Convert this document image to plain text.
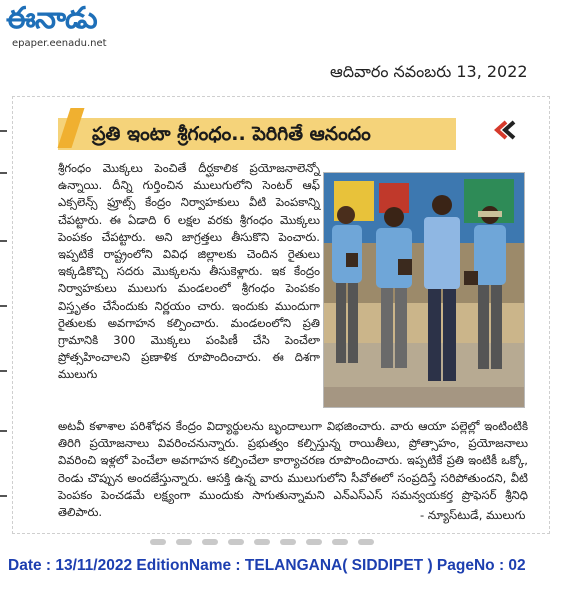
ఈనాడు
epaper.eenadu.net
ఆదివారం నవంబరు 13, 2022
ప్రతి ఇంటా శ్రీగంధం.. పెరిగితే ఆనందం

శ్రీగంధం మొక్కలు పెంచితే దీర్ఘకాలిక ప్రయోజనాలెన్నో ఉన్నాయి. దీన్ని గుర్తించిన ములుగులోని సెంటర్ ఆఫ్ ఎక్సలెన్స్ ఫ్రూట్స్ కేంద్రం నిర్వాహకులు వీటి పెంపకాన్ని చేపట్టారు. ఈ ఏడాది 6 లక్షల వరకు శ్రీగంధం మొక్కలు పెంపకం చేపట్టారు. అని జాగ్రత్తలు తీసుకొని పెంచారు. ఇప్పటికే రాష్ట్రంలోని వివిధ జిల్లాలకు చెందిన రైతులు ఇక్కడికొచ్చి సదరు మొక్కలను తీసుకెళ్లారు. ఇక కేంద్రం నిర్వాహకులు ములుగు మండలంలో శ్రీగంధం పెంపకం విస్తృతం చేసేందుకు నిర్ణయం చారు. ఇందుకు ముందుగా రైతులకు అవగాహన కల్పించారు. మండలంలోని ప్రతి గ్రామానికి 300 మొక్కలు పంపిణీ చేసి పెంచేలా ప్రోత్సహించాలని ప్రణాళిక రూపొందించారు. ఈ దిశగా ములుగు

అటవీ కళాశాల పరిశోధన కేంద్రం విద్యార్థులను బృందాలుగా విభజించారు. వారు ఆయా పల్లెల్లో ఇంటింటికి తిరిగి ప్రయోజనాలు వివరించనున్నారు. ప్రభుత్వం కల్పిస్తున్న రాయితీలు, ప్రోత్సాహం, ప్రయోజనాలు వివరించి ఇళ్లలో పెంచేలా అవగాహన కల్పించేలా కార్యాచరణ రూపొందించారు. ఇప్పటికే ప్రతి ఇంటికీ ఒక్కో, రెండు చొప్పున అందజేస్తున్నారు. ఆసక్తి ఉన్న వారు ములుగులోని సీవోఈలో సంప్రదిస్తే సరిపోతుందని, వీటి పెంపకం పెంచడమే లక్ష్యంగా ముందుకు సాగుతున్నామని ఎన్ఎస్ఎస్ సమన్వయకర్త ప్రొఫెసర్ శ్రీనిధి తెలిపారు.	- న్యూస్‌టుడే, ములుగు
Date : 13/11/2022 EditionName : TELANGANA( SIDDIPET ) PageNo : 02
